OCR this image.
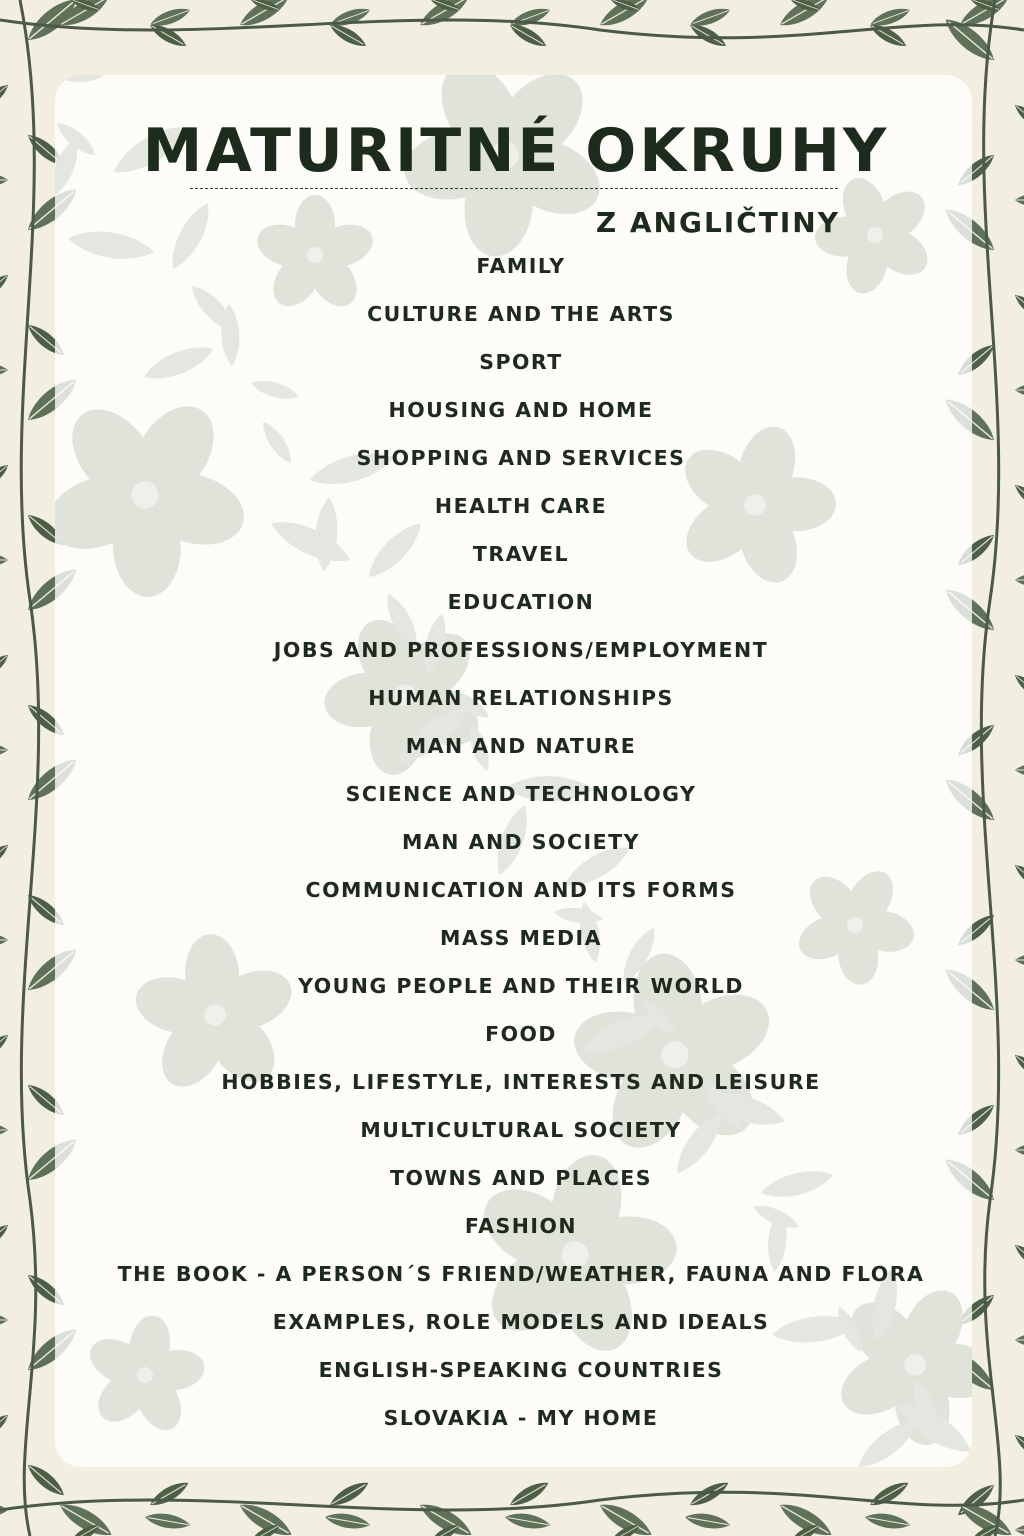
MATURITNÉ OKRUHY
Z ANGLIČTINY
FAMILY
CULTURE AND THE ARTS
SPORT
HOUSING AND HOME
SHOPPING AND SERVICES
HEALTH CARE
TRAVEL
EDUCATION
JOBS AND PROFESSIONS/EMPLOYMENT
HUMAN RELATIONSHIPS
MAN AND NATURE
SCIENCE AND TECHNOLOGY
MAN AND SOCIETY
COMMUNICATION AND ITS FORMS
MASS MEDIA
YOUNG PEOPLE AND THEIR WORLD
FOOD
HOBBIES, LIFESTYLE, INTERESTS AND LEISURE
MULTICULTURAL SOCIETY
TOWNS AND PLACES
FASHION
THE BOOK - A PERSON´S FRIEND/WEATHER, FAUNA AND FLORA
EXAMPLES, ROLE MODELS AND IDEALS
ENGLISH-SPEAKING COUNTRIES
SLOVAKIA - MY HOME
